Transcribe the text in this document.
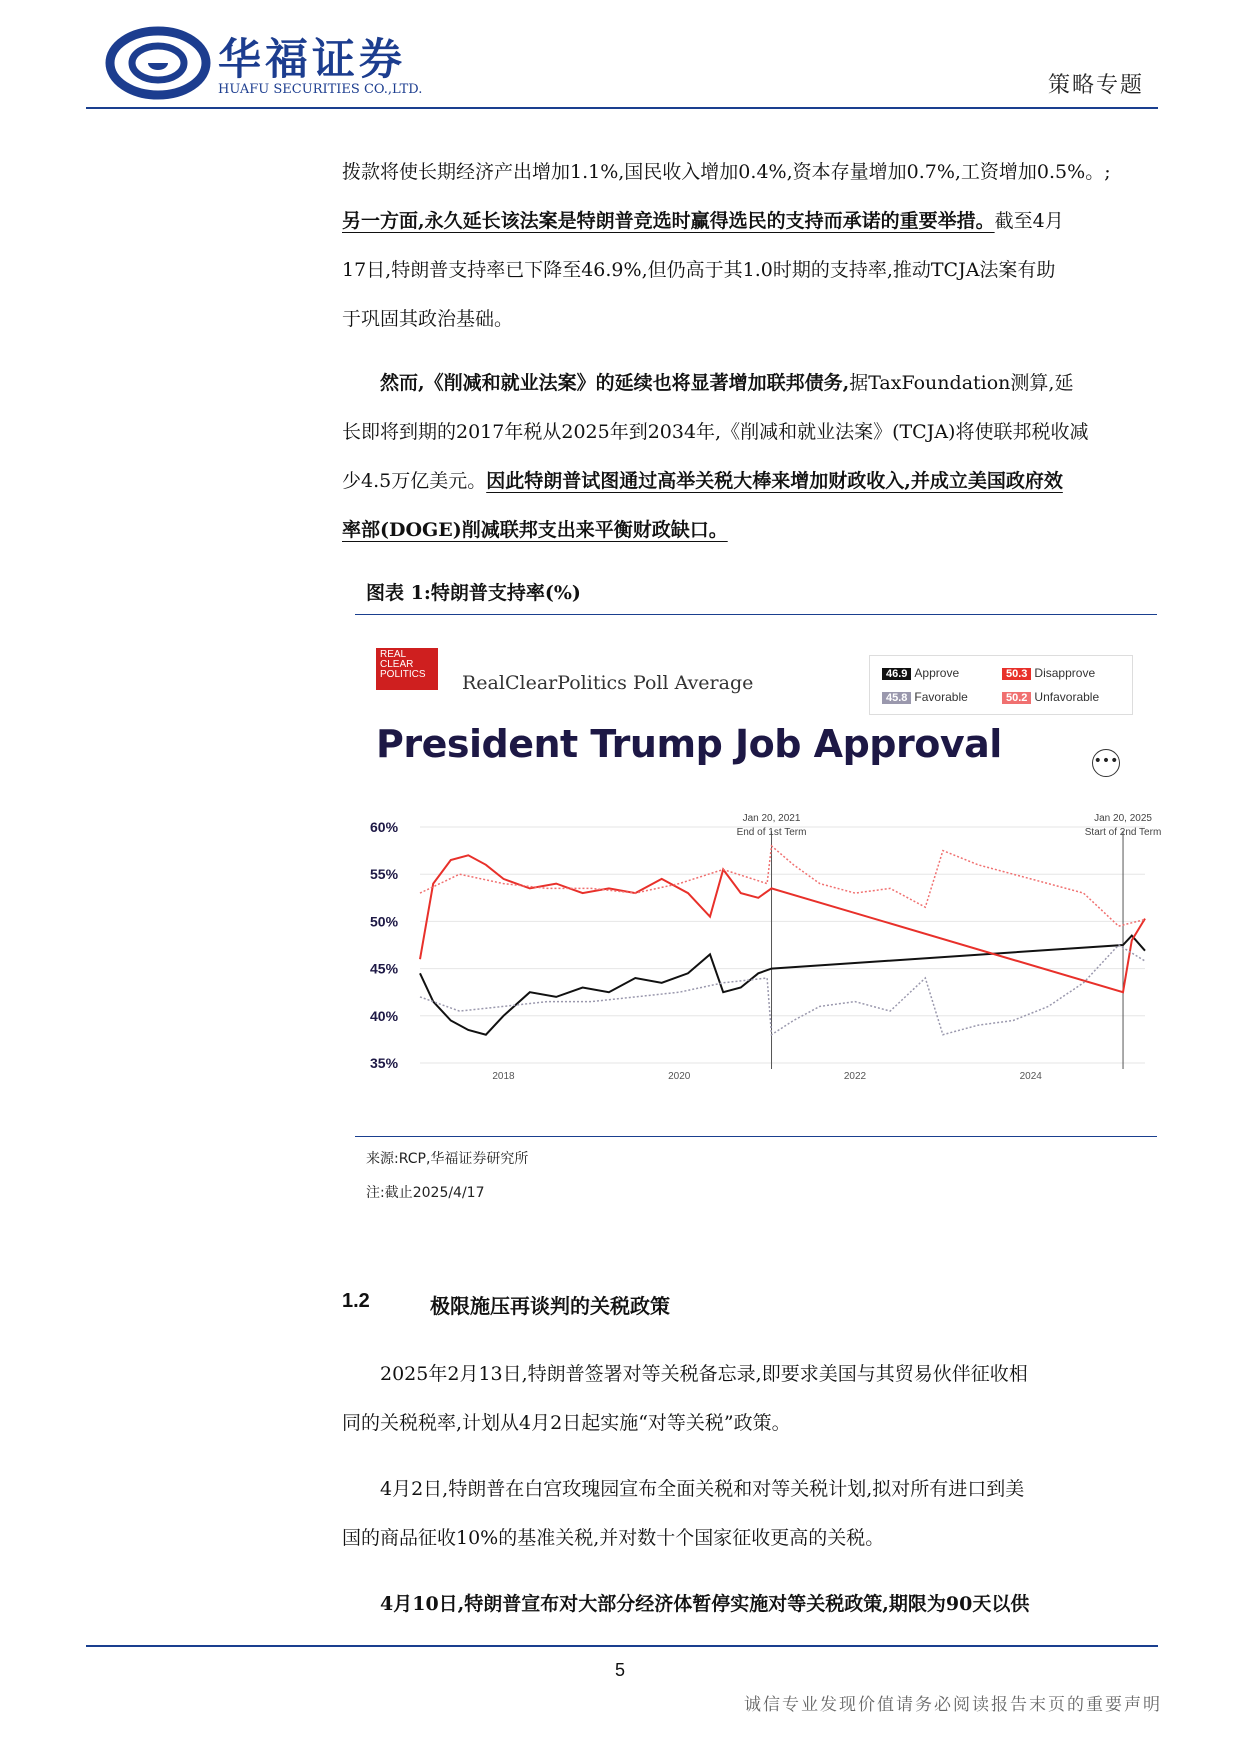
华福证券
HUAFU SECURITIES CO.,LTD.	策略专题
拨款将使长期经济产出增加1.1%,国民收入增加0.4%,资本存量增加0.7%,工资增加0.5%。;
另一方面,永久延长该法案是特朗普竞选时赢得选民的支持而承诺的重要举措。截至4月
17日,特朗普支持率已下降至46.9%,但仍高于其1.0时期的支持率,推动TCJA法案有助
于巩固其政治基础。
然而,《削减和就业法案》的延续也将显著增加联邦债务,据TaxFoundation测算,延
长即将到期的2017年税从2025年到2034年,《削减和就业法案》(TCJA)将使联邦税收减
少4.5万亿美元。因此特朗普试图通过高举关税大棒来增加财政收入,并成立美国政府效
率部(DOGE)削减联邦支出来平衡财政缺口。
图表 1:特朗普支持率(%)
REAL
CLEAR
POLITICS	RealClearPolitics Poll Average
President Trump Job Approval
46.9 Approve	50.3 Disapprove
45.8 Favorable	50.2 Unfavorable
•••
35%
40%
45%
50%
55%
60%
2018	2020	2022	2024
Jan 20, 2021
End of 1st Term
Jan 20, 2025
Start of 2nd Term
来源:RCP,华福证券研究所
注:截止2025/4/17
1.2	极限施压再谈判的关税政策
2025年2月13日,特朗普签署对等关税备忘录,即要求美国与其贸易伙伴征收相
同的关税税率,计划从4月2日起实施“对等关税”政策。
4月2日,特朗普在白宫玫瑰园宣布全面关税和对等关税计划,拟对所有进口到美
国的商品征收10%的基准关税,并对数十个国家征收更高的关税。
4月10日,特朗普宣布对大部分经济体暂停实施对等关税政策,期限为90天以供
5
诚信专业发现价值请务必阅读报告末页的重要声明
